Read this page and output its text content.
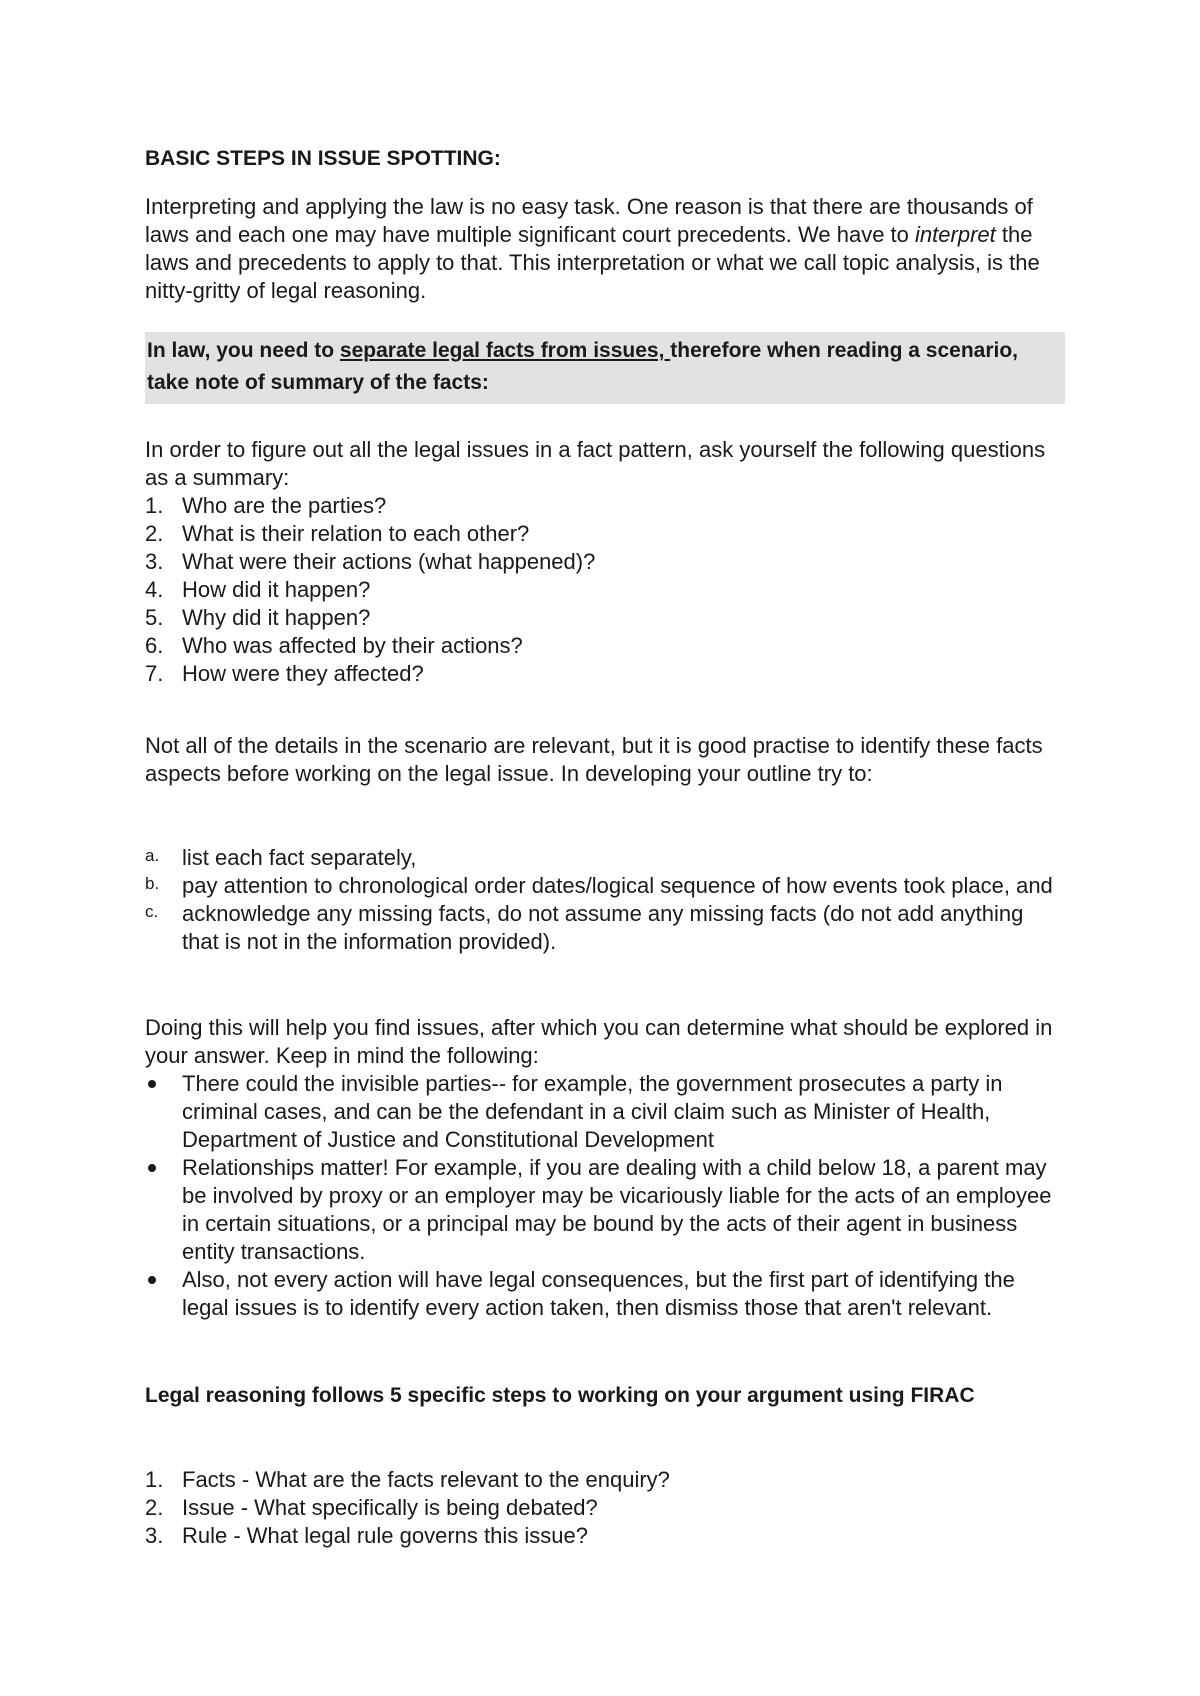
BASIC STEPS IN ISSUE SPOTTING:

Interpreting and applying the law is no easy task. One reason is that there are thousands of laws and each one may have multiple significant court precedents. We have to interpret the laws and precedents to apply to that. This interpretation or what we call topic analysis, is the nitty-gritty of legal reasoning.

In law, you need to separate legal facts from issues, therefore when reading a scenario, take note of summary of the facts:

In order to figure out all the legal issues in a fact pattern, ask yourself the following questions as a summary:

1. Who are the parties?
2. What is their relation to each other?
3. What were their actions (what happened)?
4. How did it happen?
5. Why did it happen?
6. Who was affected by their actions?
7. How were they affected?

Not all of the details in the scenario are relevant, but it is good practise to identify these facts aspects before working on the legal issue. In developing your outline try to:

a. list each fact separately,
b. pay attention to chronological order dates/logical sequence of how events took place, and
c. acknowledge any missing facts, do not assume any missing facts (do not add anything that is not in the information provided).

Doing this will help you find issues, after which you can determine what should be explored in your answer. Keep in mind the following:

There could the invisible parties-- for example, the government prosecutes a party in criminal cases, and can be the defendant in a civil claim such as Minister of Health, Department of Justice and Constitutional Development
Relationships matter! For example, if you are dealing with a child below 18, a parent may be involved by proxy or an employer may be vicariously liable for the acts of an employee in certain situations, or a principal may be bound by the acts of their agent in business entity transactions.
Also, not every action will have legal consequences, but the first part of identifying the legal issues is to identify every action taken, then dismiss those that aren't relevant.
Legal reasoning follows 5 specific steps to working on your argument using FIRAC
1. Facts - What are the facts relevant to the enquiry?
2. Issue - What specifically is being debated?
3. Rule - What legal rule governs this issue?
